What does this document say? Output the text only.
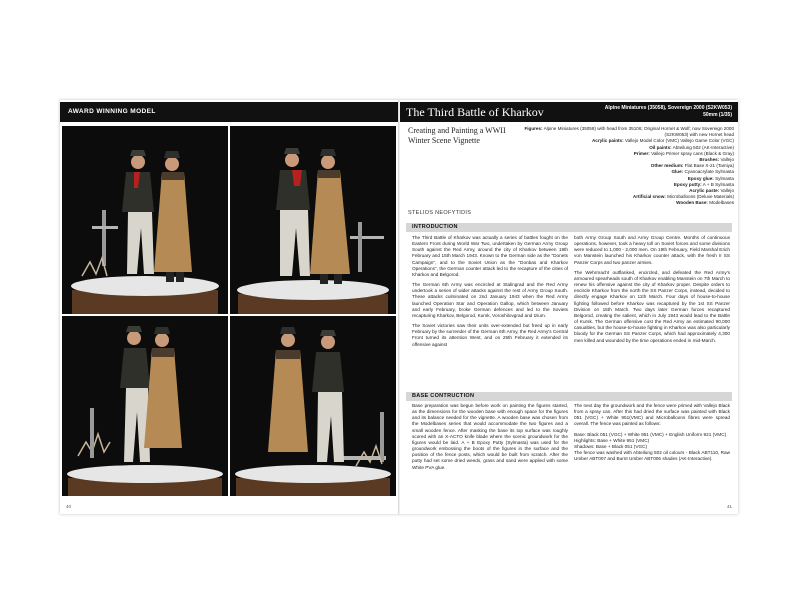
AWARD WINNING MODEL
40
The Third Battle of Kharkov	Alpine Miniatures (35058), Sovereign 2000 (S2KW053)
50mm (1/35)
Creating and Painting a WWII Winter Scene Vignette
STELIOS NEOFYTIDIS
Figures: Alpine Miniatures (35058) with head from 35106; Original Hornet & Wolf; now Sovereign 2000 (S2KW053) with new Hornet head
Acrylic paints: Vallejo Model Color (VMC) Vallejo Game Color (VGC)
Oil paints: Abteilung 502 (AK-Interactive)
Primer: Vallejo Primer spray cans (Black & Gray)
Brushes: Vallejo
Other medium: Flat Base X-21 (Tamiya)
Glue: Cyanoacrylate Sylmasta
Epoxy glue: Sylmasta
Epoxy putty: A + B Sylmasta
Acrylic paste: Vallejo
Artificial snow: Microballoons (Deluxe Materials)
Wooden Base: Modelbases
INTRODUCTION

The Third Battle of Kharkov was actually a series of battles fought on the Eastern Front during World War Two, undertaken by German Army Group South against the Red Army, around the city of Kharkov between 19th February and 15th March 1943. Known to the German side as the "Donets Campaign", and to the Soviet Union as the "Donbas and Kharkov Operations", the German counter attack led to the recapture of the cities of Kharkov and Belgorod.

The German 6th Army was encircled at Stalingrad and the Red Army undertook a series of wider attacks against the rest of Army Group South. These attacks culminated on 2nd January 1943 when the Red Army launched Operation Star and Operation Gallop, which between January and early February, broke German defences and led to the Soviets recapturing Kharkov, Belgorod, Kursk, Voroshilovgrad and Izium.

The Soviet victories saw their units over-extended but freed up in early February by the surrender of the German 6th Army, the Red Army's Central Front turned its attention West, and on 25th February it extended its offensive against

both Army Group South and Army Group Centre. Months of continuous operations, however, took a heavy toll on Soviet forces and some divisions were reduced to 1,000 - 2,000 men. On 19th February, Field Marshal Erich von Manstein launched his Kharkov counter attack, with the fresh II SS Panzer Corps and two panzer armies.

The Wehrmacht outflanked, encircled, and defeated the Red Army's armoured spearheads south of Kharkov enabling Manstein on 7th March to renew his offensive against the city of Kharkov proper. Despite orders to encircle Kharkov from the north the SS Panzer Corps, instead, decided to directly engage Kharkov on 11th March. Four days of house-to-house fighting followed before Kharkov was recaptured by the 1st SS Panzer Division on 15th March. Two days later German forces recaptured Belgorod, creating the salient, which in July 1943 would lead to the Battle of Kursk. The German offensive cost the Red Army an estimated 90,000 casualties, but the house-to-house fighting in Kharkov was also particularly bloody for the German SS Panzer Corps, which had approximately 4,300 men killed and wounded by the time operations ended in mid-March.

BASE CONTRUCTION

Base preparation was begun before work on painting the figures started, as the dimensions for the wooden base with enough space for the figures and its balance needed for the vignette. A wooden base was chosen from the Modelbases series that would accommodate the two figures and a small wooden fence. After masking the base its top surface was roughly scored with an X-ACTO knife blade where the scenic groundwork for the figures would be laid. A + B Epoxy Putty (Sylmasta) was used for the groundwork embossing the boots of the figures in the surface and the position of the fence posts, which would be built from scratch. After the putty had set some dried weeds, grass and sand were applied with some White PVA glue.

The next day the groundwork and the fence were primed with Vallejo Black from a spray can. After this had dried the surface was painted with Black 051 (VGC) + White 951(VMC) and Microballoons fibres were spread overall. The fence was painted as follows:

Base: Black 051 (VGC) + White 951 (VMC) + English Uniform 921 (VMC)

Highlights: Base + White 951 (VMC)

Shadows: Base + Black 051 (VGC)

The fence was washed with Abteilung 502 oil colours - Black ABT110, Raw Umber ABT007 and Burnt Umber ABT006 shades (AK-Interactive).

41
